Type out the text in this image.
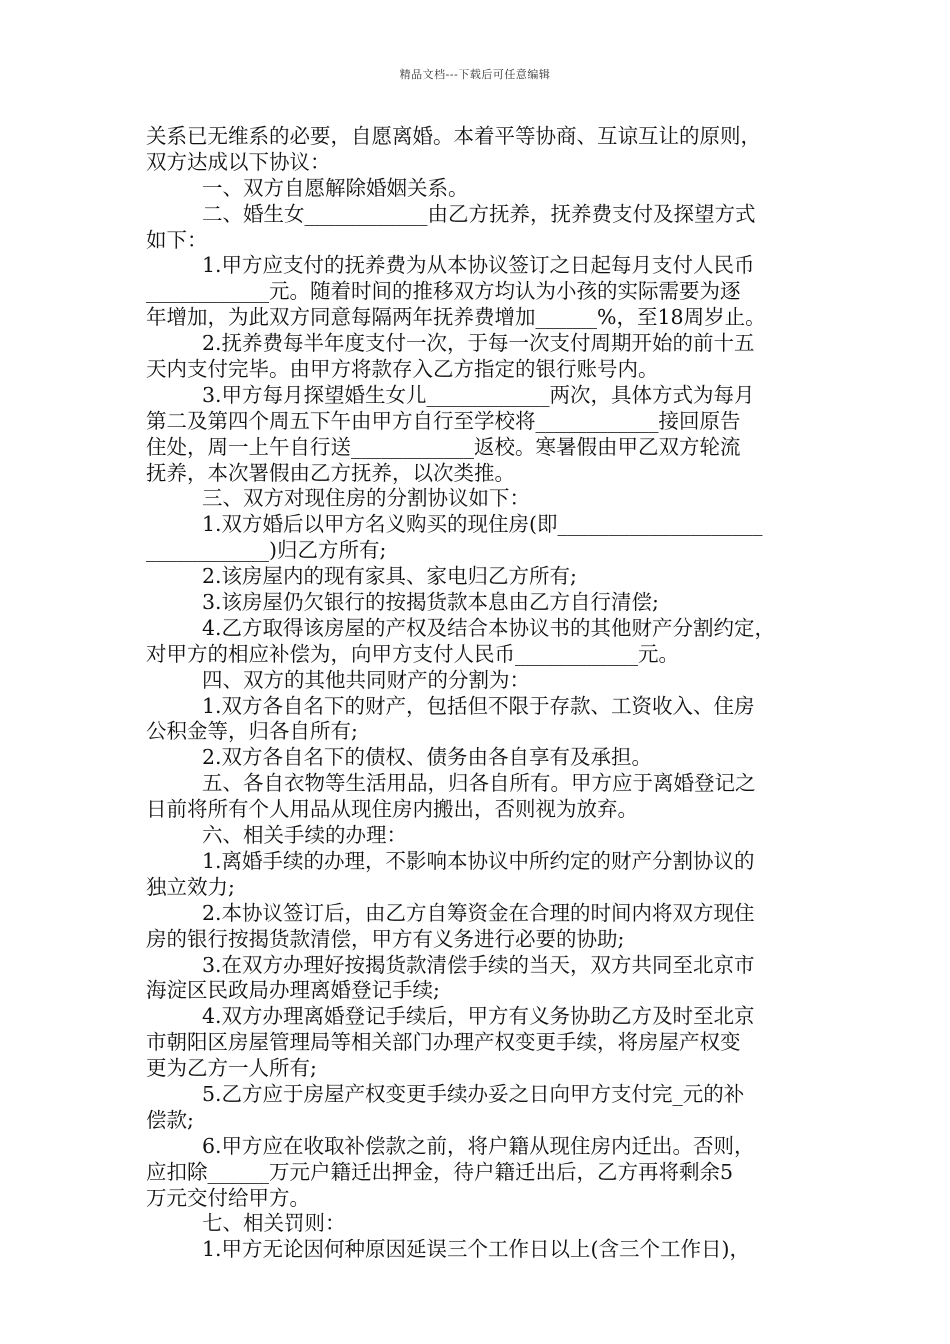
精品文档---下载后可任意编辑
关系已无维系的必要，自愿离婚。本着平等协商、互谅互让的原则，
双方达成以下协议：
一、双方自愿解除婚姻关系。
二、婚生女____________由乙方抚养，抚养费支付及探望方式
如下：
1.甲方应支付的抚养费为从本协议签订之日起每月支付人民币
____________元。随着时间的推移双方均认为小孩的实际需要为逐
年增加，为此双方同意每隔两年抚养费增加______%，至18周岁止。
2.抚养费每半年度支付一次，于每一次支付周期开始的前十五
天内支付完毕。由甲方将款存入乙方指定的银行账号内。
3.甲方每月探望婚生女儿____________两次，具体方式为每月
第二及第四个周五下午由甲方自行至学校将____________接回原告
住处，周一上午自行送____________返校。寒暑假由甲乙双方轮流
抚养，本次署假由乙方抚养，以次类推。
三、双方对现住房的分割协议如下：
1.双方婚后以甲方名义购买的现住房(即____________________
____________)归乙方所有;
2.该房屋内的现有家具、家电归乙方所有;
3.该房屋仍欠银行的按揭货款本息由乙方自行清偿;
4.乙方取得该房屋的产权及结合本协议书的其他财产分割约定，
对甲方的相应补偿为，向甲方支付人民币____________元。
四、双方的其他共同财产的分割为：
1.双方各自名下的财产，包括但不限于存款、工资收入、住房
公积金等，归各自所有;
2.双方各自名下的债权、债务由各自享有及承担。
五、各自衣物等生活用品，归各自所有。甲方应于离婚登记之
日前将所有个人用品从现住房内搬出，否则视为放弃。
六、相关手续的办理：
1.离婚手续的办理，不影响本协议中所约定的财产分割协议的
独立效力;
2.本协议签订后，由乙方自筹资金在合理的时间内将双方现住
房的银行按揭货款清偿，甲方有义务进行必要的协助;
3.在双方办理好按揭货款清偿手续的当天，双方共同至北京市
海淀区民政局办理离婚登记手续;
4.双方办理离婚登记手续后，甲方有义务协助乙方及时至北京
市朝阳区房屋管理局等相关部门办理产权变更手续，将房屋产权变
更为乙方一人所有;
5.乙方应于房屋产权变更手续办妥之日向甲方支付完_元的补
偿款;
6.甲方应在收取补偿款之前，将户籍从现住房内迁出。否则，
应扣除______万元户籍迁出押金，待户籍迁出后，乙方再将剩余5
万元交付给甲方。
七、相关罚则：
1.甲方无论因何种原因延误三个工作日以上(含三个工作日)，
